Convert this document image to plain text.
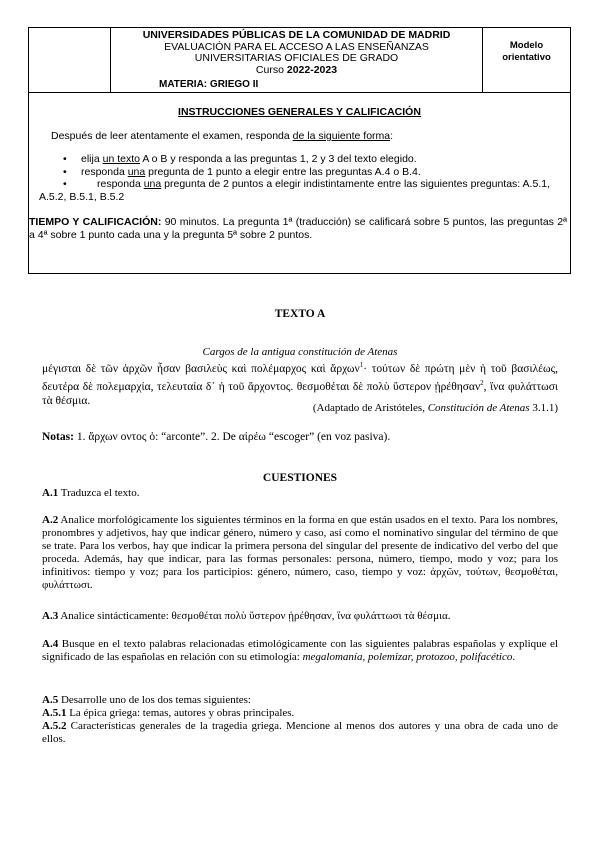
UNIVERSIDADES PÚBLICAS DE LA COMUNIDAD DE MADRID
EVALUACIÓN PARA EL ACCESO A LAS ENSEÑANZAS
UNIVERSITARIAS OFICIALES DE GRADO
Curso 2022-2023
MATERIA: GRIEGO II
Modelo
orientativo
INSTRUCCIONES GENERALES Y CALIFICACIÓN
Después de leer atentamente el examen, responda de la siguiente forma:
• elija un texto A o B y responda a las preguntas 1, 2 y 3 del texto elegido.
• responda una pregunta de 1 punto a elegir entre las preguntas A.4 o B.4.
•	responda una pregunta de 2 puntos a elegir indistintamente entre las siguientes preguntas: A.5.1, A.5.2, B.5.1, B.5.2
TIEMPO Y CALIFICACIÓN: 90 minutos. La pregunta 1ª (traducción) se calificará sobre 5 puntos, las preguntas 2ª a 4ª sobre 1 punto cada una y la pregunta 5ª sobre 2 puntos.
TEXTO A
Cargos de la antigua constitución de Atenas
μέγισται δὲ τῶν ἀρχῶν ἦσαν βασιλεὺς καὶ πολέμαρχος καὶ ἄρχων$^1$· τούτων δὲ πρώτη μὲν ἡ τοῦ βασιλέως, δευτέρα δὲ πολεμαρχία, τελευταία δ᾽ ἡ τοῦ ἄρχοντος. θεσμοθέται δὲ πολὺ ὕστερον ᾑρέθησαν$^2$, ἵνα φυλάττωσι τὰ θέσμια.
(Adaptado de Aristóteles, Constitución de Atenas 3.1.1)
Notas: 1. ἄρχων οντος ὁ: “arconte”. 2. De αἱρέω “escoger” (en voz pasiva).
CUESTIONES
A.1 Traduzca el texto.
A.2 Analice morfológicamente los siguientes términos en la forma en que están usados en el texto. Para los nombres, pronombres y adjetivos, hay que indicar género, número y caso, así como el nominativo singular del término de que se trate. Para los verbos, hay que indicar la primera persona del singular del presente de indicativo del verbo del que proceda. Además, hay que indicar, para las formas personales: persona, número, tiempo, modo y voz; para los infinitivos: tiempo y voz; para los participios: género, número, caso, tiempo y voz: ἀρχῶν, τούτων, θεσμοθέται, φυλάττωσι.
A.3 Analice sintácticamente: θεσμοθέται πολὺ ὕστερον ᾑρέθησαν, ἵνα φυλάττωσι τὰ θέσμια.
A.4 Busque en el texto palabras relacionadas etimológicamente con las siguientes palabras españolas y explique el significado de las españolas en relación con su etimología: megalomanía, polemizar, protozoo, polifacético.
A.5 Desarrolle uno de los dos temas siguientes:
A.5.1 La épica griega: temas, autores y obras principales.
A.5.2 Características generales de la tragedia griega. Mencione al menos dos autores y una obra de cada uno de ellos.
